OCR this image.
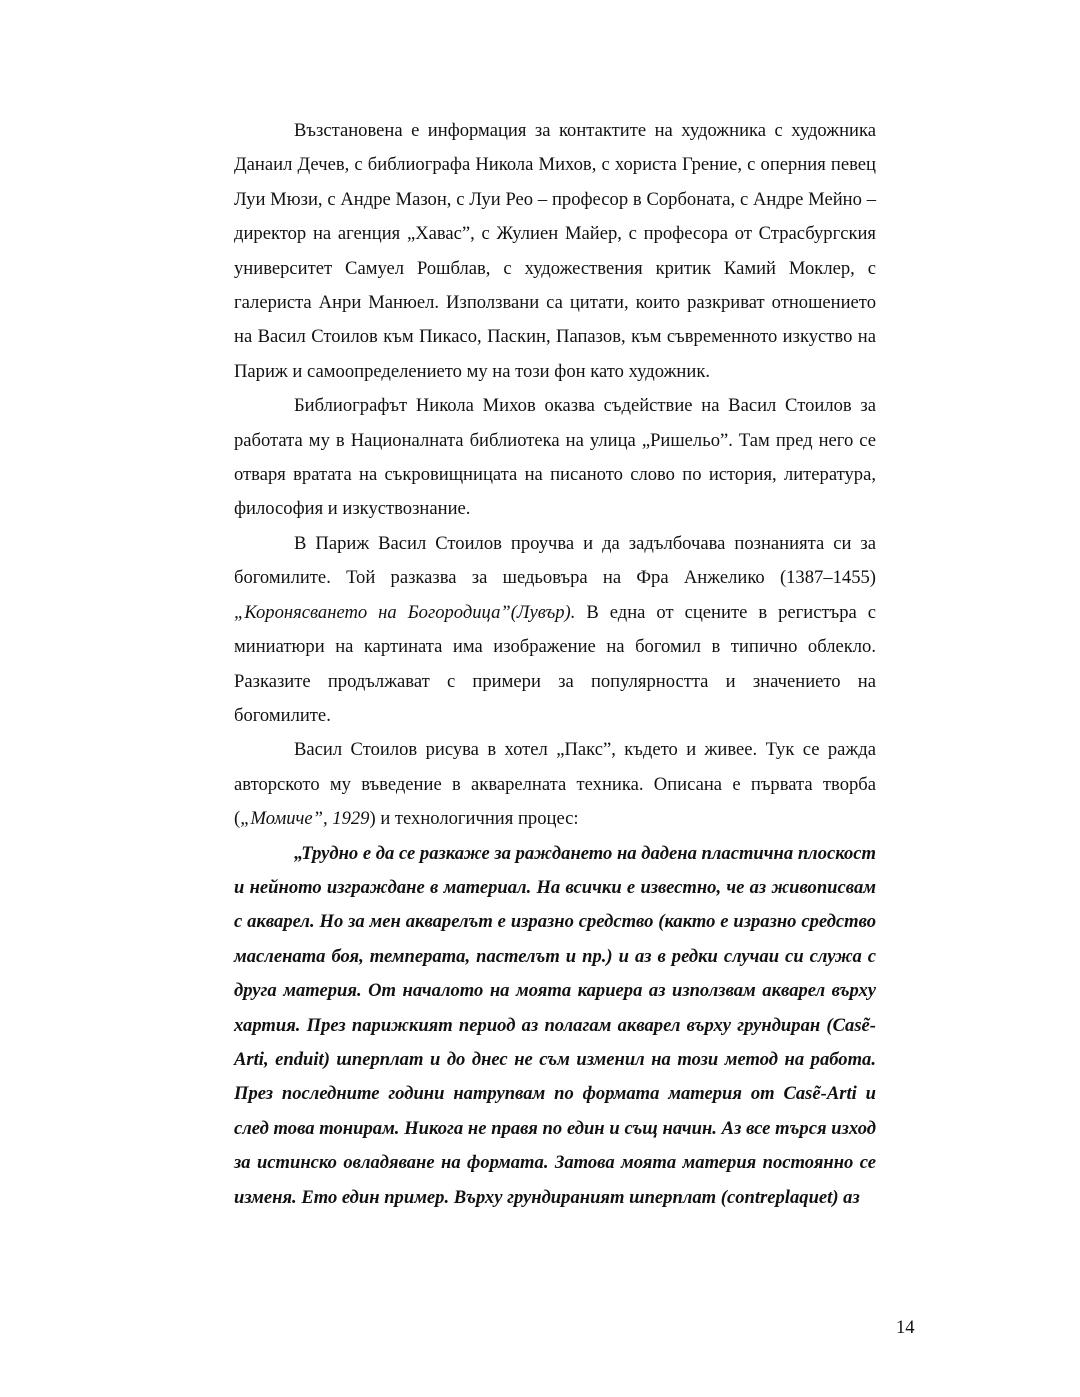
Възстановена е информация за контактите на художника с художника Данаил Дечев, с библиографа Никола Михов, с хориста Грение, с оперния певец Луи Мюзи, с Андре Мазон, с Луи Рео – професор в Сорбоната, с Андре Мейно – директор на агенция „Хавас”, с Жулиен Майер, с професора от Страсбургския университет Самуел Рошблав, с художествения критик Камий Моклер, с галериста Анри Манюел. Използвани са цитати, които разкриват отношението на Васил Стоилов към Пикасо, Паскин, Папазов, към съвременното изкуство на Париж и самоопределението му на този фон като художник.

Библиографът Никола Михов оказва съдействие на Васил Стоилов за работата му в Националната библиотека на улица „Ришельо”. Там пред него се отваря вратата на съкровищницата на писаното слово по история, литература, философия и изкуствознание.

В Париж Васил Стоилов проучва и да задълбочава познанията си за богомилите. Той разказва за шедьовъра на Фра Анжелико (1387–1455) „Коронясването на Богородица”(Лувър). В една от сцените в регистъра с миниатюри на картината има изображение на богомил в типично облекло. Разказите продължават с примери за популярността и значението на богомилите.

Васил Стоилов рисува в хотел „Пакс”, където и живее. Тук се ражда авторското му въведение в акварелната техника. Описана е първата творба („Момиче”, 1929) и технологичния процес:

„Трудно е да се разкаже за раждането на дадена пластична плоскост и нейното изграждане в материал. На всички е известно, че аз живописвам с акварел. Но за мен акварелът е изразно средство (както е изразно средство маслената боя, температа, пастелът и пр.) и аз в редки случаи си служа с друга материя. От началото на моята кариера аз използвам акварел върху хартия. През парижкият период аз полагам акварел върху грундиран (Casẽ-Arti, enduit) шперплат и до днес не съм изменил на този метод на работа. През последните години натрупвам по формата материя от Casẽ-Arti и след това тонирам. Никога не правя по един и същ начин. Аз все търся изход за истинско овладяване на формата. Затова моята материя постоянно се изменя. Ето един пример. Върху грундираният шперплат (contreplaquet) аз

14
